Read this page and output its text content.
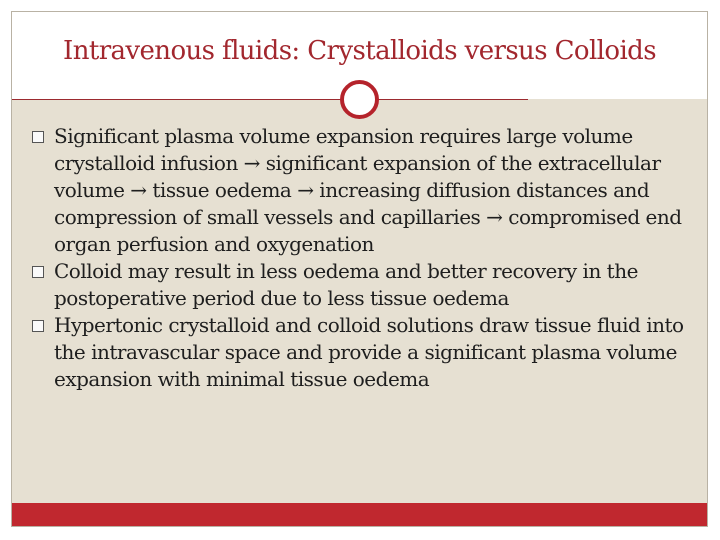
Intravenous fluids: Crystalloids versus Colloids
Significant plasma volume expansion requires large volume crystalloid infusion → significant expansion of the extracellular volume → tissue oedema → increasing diffusion distances and compression of small vessels and capillaries → compromised end organ perfusion and oxygenation
Colloid may result in less oedema and better recovery in the postoperative period due to less tissue oedema
Hypertonic crystalloid and colloid solutions draw tissue fluid into the intravascular space and provide a significant plasma volume expansion with minimal tissue oedema
